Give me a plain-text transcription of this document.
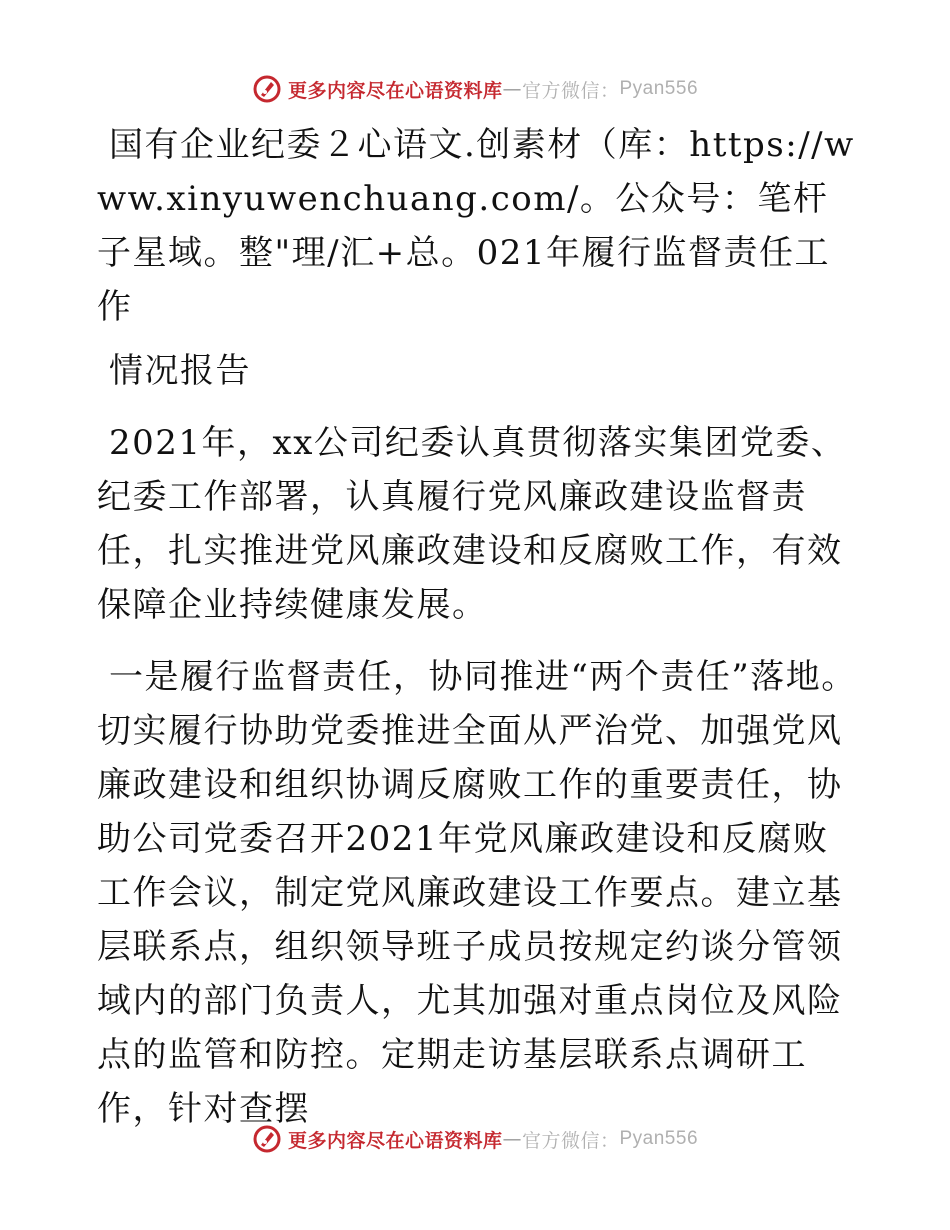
更多内容尽在心语资料库 — 官方微信： Pyan556

国有企业纪委２心语文.创素材（库：https://www.xinyuwenchuang.com/。公众号：笔杆子星域。整"理/汇+总。021年履行监督责任工作

情况报告

2021年，xx公司纪委认真贯彻落实集团党委、纪委工作部署，认真履行党风廉政建设监督责任，扎实推进党风廉政建设和反腐败工作，有效保障企业持续健康发展。

一是履行监督责任，协同推进“两个责任”落地。切实履行协助党委推进全面从严治党、加强党风廉政建设和组织协调反腐败工作的重要责任，协助公司党委召开2021年党风廉政建设和反腐败工作会议，制定党风廉政建设工作要点。建立基层联系点，组织领导班子成员按规定约谈分管领域内的部门负责人，尤其加强对重点岗位及风险点的监管和防控。定期走访基层联系点调研工作，针对查摆

更多内容尽在心语资料库 — 官方微信： Pyan556
